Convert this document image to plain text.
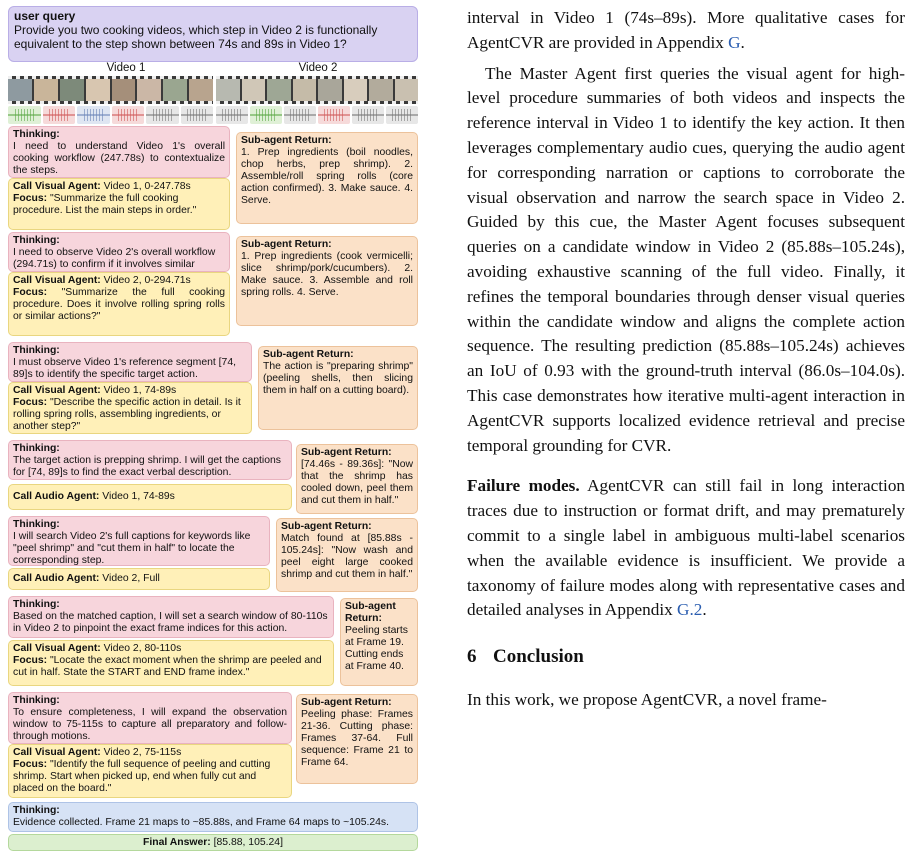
user query
Provide you two cooking videos, which step in Video 2 is functionally equivalent to the step shown between 74s and 89s in Video 1?
Video 1	Video 2
Thinking:
I need to understand Video 1's overall cooking workflow (247.78s) to contextualize the steps.
Call Visual Agent: Video 1, 0-247.78s
Focus: "Summarize the full cooking procedure. List the main steps in order."
Sub-agent Return:
1. Prep ingredients (boil noodles, chop herbs, prep shrimp). 2. Assemble/roll spring rolls (core action confirmed). 3. Make sauce. 4. Serve.
Thinking:
I need to observe Video 2's overall workflow (294.71s) to confirm if it involves similar
Call Visual Agent: Video 2, 0-294.71s
Focus: "Summarize the full cooking procedure. Does it involve rolling spring rolls or similar actions?"
Sub-agent Return:
1. Prep ingredients (cook vermicelli; slice shrimp/pork/cucumbers). 2. Make sauce. 3. Assemble and roll spring rolls. 4. Serve.
Thinking:
I must observe Video 1's reference segment [74, 89]s to identify the specific target action.
Call Visual Agent: Video 1, 74-89s
Focus: "Describe the specific action in detail. Is it rolling spring rolls, assembling ingredients, or another step?"
Sub-agent Return:
The action is "preparing shrimp" (peeling shells, then slicing them in half on a cutting board).
Thinking:
The target action is prepping shrimp. I will get the captions for [74, 89]s to find the exact verbal description.
Call Audio Agent: Video 1, 74-89s
Sub-agent Return:
[74.46s - 89.36s]: "Now that the shrimp has cooled down, peel them and cut them in half."
Thinking:
I will search Video 2's full captions for keywords like "peel shrimp" and "cut them in half" to locate the corresponding step.
Call Audio Agent: Video 2, Full
Sub-agent Return:
Match found at [85.88s - 105.24s]: "Now wash and peel eight large cooked shrimp and cut them in half."
Thinking:
Based on the matched caption, I will set a search window of 80-110s in Video 2 to pinpoint the exact frame indices for this action.
Call Visual Agent: Video 2, 80-110s
Focus: "Locate the exact moment when the shrimp are peeled and cut in half. State the START and END frame index."
Sub-agent Return:
Peeling starts at Frame 19. Cutting ends at Frame 40.
Thinking:
To ensure completeness, I will expand the observation window to 75-115s to capture all preparatory and follow-through motions.
Call Visual Agent: Video 2, 75-115s
Focus: "Identify the full sequence of peeling and cutting shrimp. Start when picked up, end when fully cut and placed on the board."
Sub-agent Return:
Peeling phase: Frames 21-36. Cutting phase: Frames 37-64. Full sequence: Frame 21 to Frame 64.
Thinking:
Evidence collected. Frame 21 maps to ~85.88s, and Frame 64 maps to ~105.24s.
Final Answer: [85.88, 105.24]

interval in Video 1 (74s–89s). More qualitative cases for AgentCVR are provided in Appendix G.

The Master Agent first queries the visual agent for high-level procedure summaries of both videos and inspects the reference interval in Video 1 to identify the key action. It then leverages complementary audio cues, querying the audio agent for corresponding narration or captions to corroborate the visual observation and narrow the search space in Video 2. Guided by this cue, the Master Agent focuses subsequent queries on a candidate window in Video 2 (85.88s–105.24s), avoiding exhaustive scanning of the full video. Finally, it refines the temporal boundaries through denser visual queries within the candidate window and aligns the complete action sequence. The resulting prediction (85.88s–105.24s) achieves an IoU of 0.93 with the ground-truth interval (86.0s–104.0s). This case demonstrates how iterative multi-agent interaction in AgentCVR supports localized evidence retrieval and precise temporal grounding for CVR.

Failure modes. AgentCVR can still fail in long interaction traces due to instruction or format drift, and may prematurely commit to a single label in ambiguous multi-label scenarios when the available evidence is insufficient. We provide a taxonomy of failure modes along with representative cases and detailed analyses in Appendix G.2.

6 Conclusion

In this work, we propose AgentCVR, a novel frame-
